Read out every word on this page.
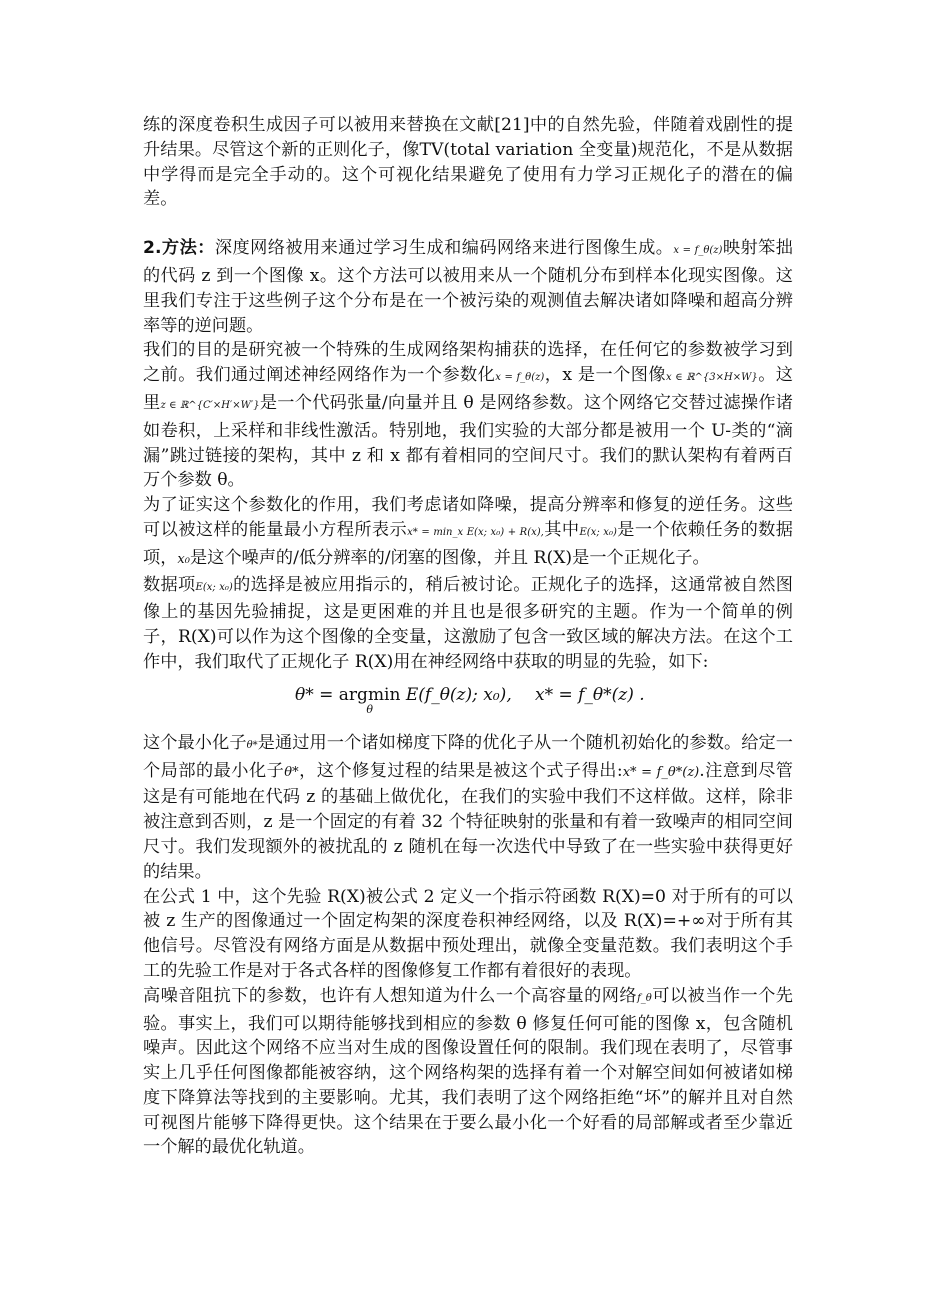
练的深度卷积生成因子可以被用来替换在文献[21]中的自然先验，伴随着戏剧性的提升结果。尽管这个新的正则化子，像TV(total variation 全变量)规范化，不是从数据中学得而是完全手动的。这个可视化结果避免了使用有力学习正规化子的潜在的偏差。

2.方法：深度网络被用来通过学习生成和编码网络来进行图像生成。x = f_θ(z)映射笨拙的代码 z 到一个图像 x。这个方法可以被用来从一个随机分布到样本化现实图像。这里我们专注于这些例子这个分布是在一个被污染的观测值去解决诸如降噪和超高分辨率等的逆问题。

我们的目的是研究被一个特殊的生成网络架构捕获的选择，在任何它的参数被学习到之前。我们通过阐述神经网络作为一个参数化x = f_θ(z)，x 是一个图像x ∈ ℝ^{3×H×W}。这里z ∈ ℝ^{C′×H′×W′}是一个代码张量/向量并且 θ 是网络参数。这个网络它交替过滤操作诸如卷积，上采样和非线性激活。特别地，我们实验的大部分都是被用一个 U-类的“滴漏”跳过链接的架构，其中 z 和 x 都有着相同的空间尺寸。我们的默认架构有着两百万个参数 θ。

为了证实这个参数化的作用，我们考虑诸如降噪，提高分辨率和修复的逆任务。这些可以被这样的能量最小方程所表示x* = min_x E(x; x₀) + R(x),其中E(x; x₀)是一个依赖任务的数据项，x₀是这个噪声的/低分辨率的/闭塞的图像，并且 R(X)是一个正规化子。

数据项E(x; x₀)的选择是被应用指示的，稍后被讨论。正规化子的选择，这通常被自然图像上的基因先验捕捉，这是更困难的并且也是很多研究的主题。作为一个简单的例子，R(X)可以作为这个图像的全变量，这激励了包含一致区域的解决方法。在这个工作中，我们取代了正规化子 R(X)用在神经网络中获取的明显的先验，如下:

θ* = argmin
θ
E(f_θ(z); x₀), x* = f_θ*(z) .

这个最小化子θ*是通过用一个诸如梯度下降的优化子从一个随机初始化的参数。给定一个局部的最小化子θ*，这个修复过程的结果是被这个式子得出:x* = f_θ*(z).注意到尽管这是有可能地在代码 z 的基础上做优化，在我们的实验中我们不这样做。这样，除非被注意到否则，z 是一个固定的有着 32 个特征映射的张量和有着一致噪声的相同空间尺寸。我们发现额外的被扰乱的 z 随机在每一次迭代中导致了在一些实验中获得更好的结果。

在公式 1 中，这个先验 R(X)被公式 2 定义一个指示符函数 R(X)=0 对于所有的可以被 z 生产的图像通过一个固定构架的深度卷积神经网络，以及 R(X)=+∞对于所有其他信号。尽管没有网络方面是从数据中预处理出，就像全变量范数。我们表明这个手工的先验工作是对于各式各样的图像修复工作都有着很好的表现。

高噪音阻抗下的参数，也许有人想知道为什么一个高容量的网络f_θ可以被当作一个先验。事实上，我们可以期待能够找到相应的参数 θ 修复任何可能的图像 x，包含随机噪声。因此这个网络不应当对生成的图像设置任何的限制。我们现在表明了，尽管事实上几乎任何图像都能被容纳，这个网络构架的选择有着一个对解空间如何被诸如梯度下降算法等找到的主要影响。尤其，我们表明了这个网络拒绝“坏”的解并且对自然可视图片能够下降得更快。这个结果在于要么最小化一个好看的局部解或者至少靠近一个解的最优化轨道。
